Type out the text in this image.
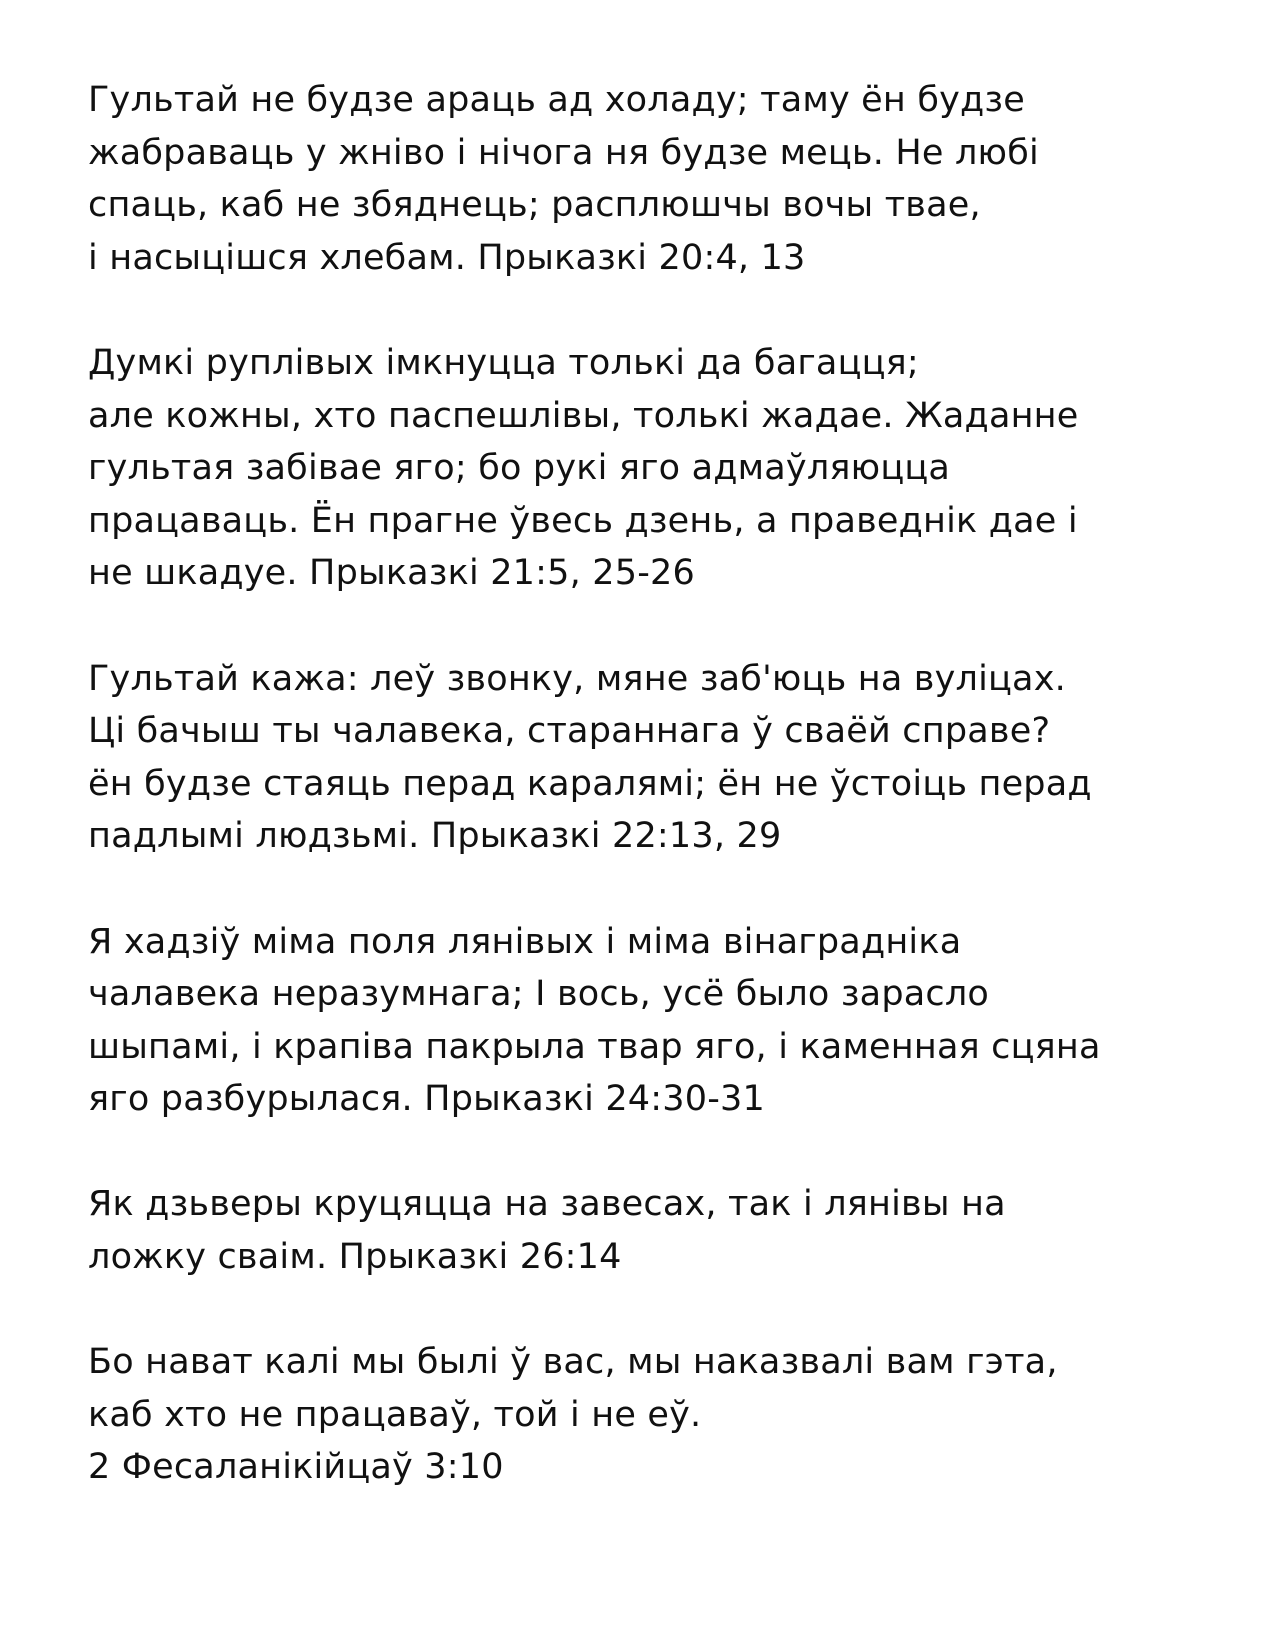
Гультай не будзе араць ад холаду; таму ён будзе
жабраваць у жніво і нічога ня будзе мець. Не любі
спаць, каб не збяднець; расплюшчы вочы твае,
і насыцішся хлебам. Прыказкі 20:4, 13
Думкі руплівых імкнуцца толькі да багацця;
але кожны, хто паспешлівы, толькі жадае. Жаданне
гультая забівае яго; бо рукі яго адмаўляюцца
працаваць. Ён прагне ўвесь дзень, а праведнік дае і
не шкадуе. Прыказкі 21:5, 25-26
Гультай кажа: леў звонку, мяне заб'юць на вуліцах.
Ці бачыш ты чалавека, стараннага ў сваёй справе?
ён будзе стаяць перад каралямі; ён не ўстоіць перад
падлымі людзьмі. Прыказкі 22:13, 29
Я хадзіў міма поля лянівых і міма вінаградніка
чалавека неразумнага; І вось, усё было зарасло
шыпамі, і крапіва пакрыла твар яго, і каменная сцяна
яго разбурылася. Прыказкі 24:30-31
Як дзьверы круцяцца на завесах, так і лянівы на
ложку сваім. Прыказкі 26:14
Бо нават калі мы былі ў вас, мы наказвалі вам гэта,
каб хто не працаваў, той і не еў.
2 Фесаланікійцаў 3:10
